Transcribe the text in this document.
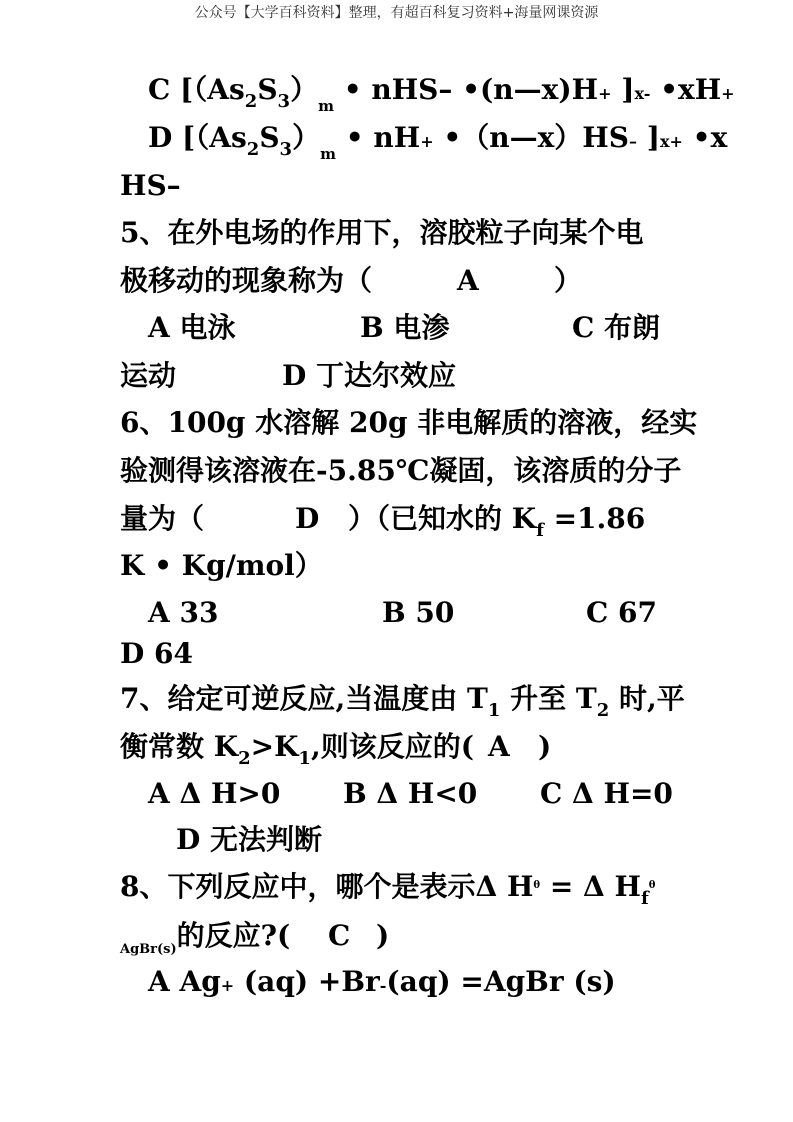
公众号【大学百科资料】整理，有超百科复习资料+海量网课资源
C [$(As_2S_3)_m$ • nHS– •(n—x)H+ ]x- •xH+
D [$(As_2S_3)_m$ • nH+ •（n—x）HS– ]x+ •x
HS–
5、在外电场的作用下，溶胶粒子向某个电
极移动的现象称为（	A	）
A 电泳	B 电渗	C 布朗
运动	D 丁达尔效应
6、100g 水溶解 20g 非电解质的溶液，经实
验测得该溶液在-5.85℃凝固，该溶质的分子
量为（	D ）（已知水的 $K_f =1.86$
K • Kg/mol）
A 33	B 50	C 67
D 64
7、给定可逆反应,当温度由 $T_1$ 升至 $T_2$ 时,平
衡常数 $K_2>K_1$,则该反应的( A )
A Δ H>0 B Δ H<0 C Δ H=0
D 无法判断
8、下列反应中，哪个是表示Δ $H^\theta = \Delta$ $H_f^\theta$
$_{AgBr(s)}$的反应?( C )
A Ag+ (aq) +Br-(aq) =AgBr (s)
